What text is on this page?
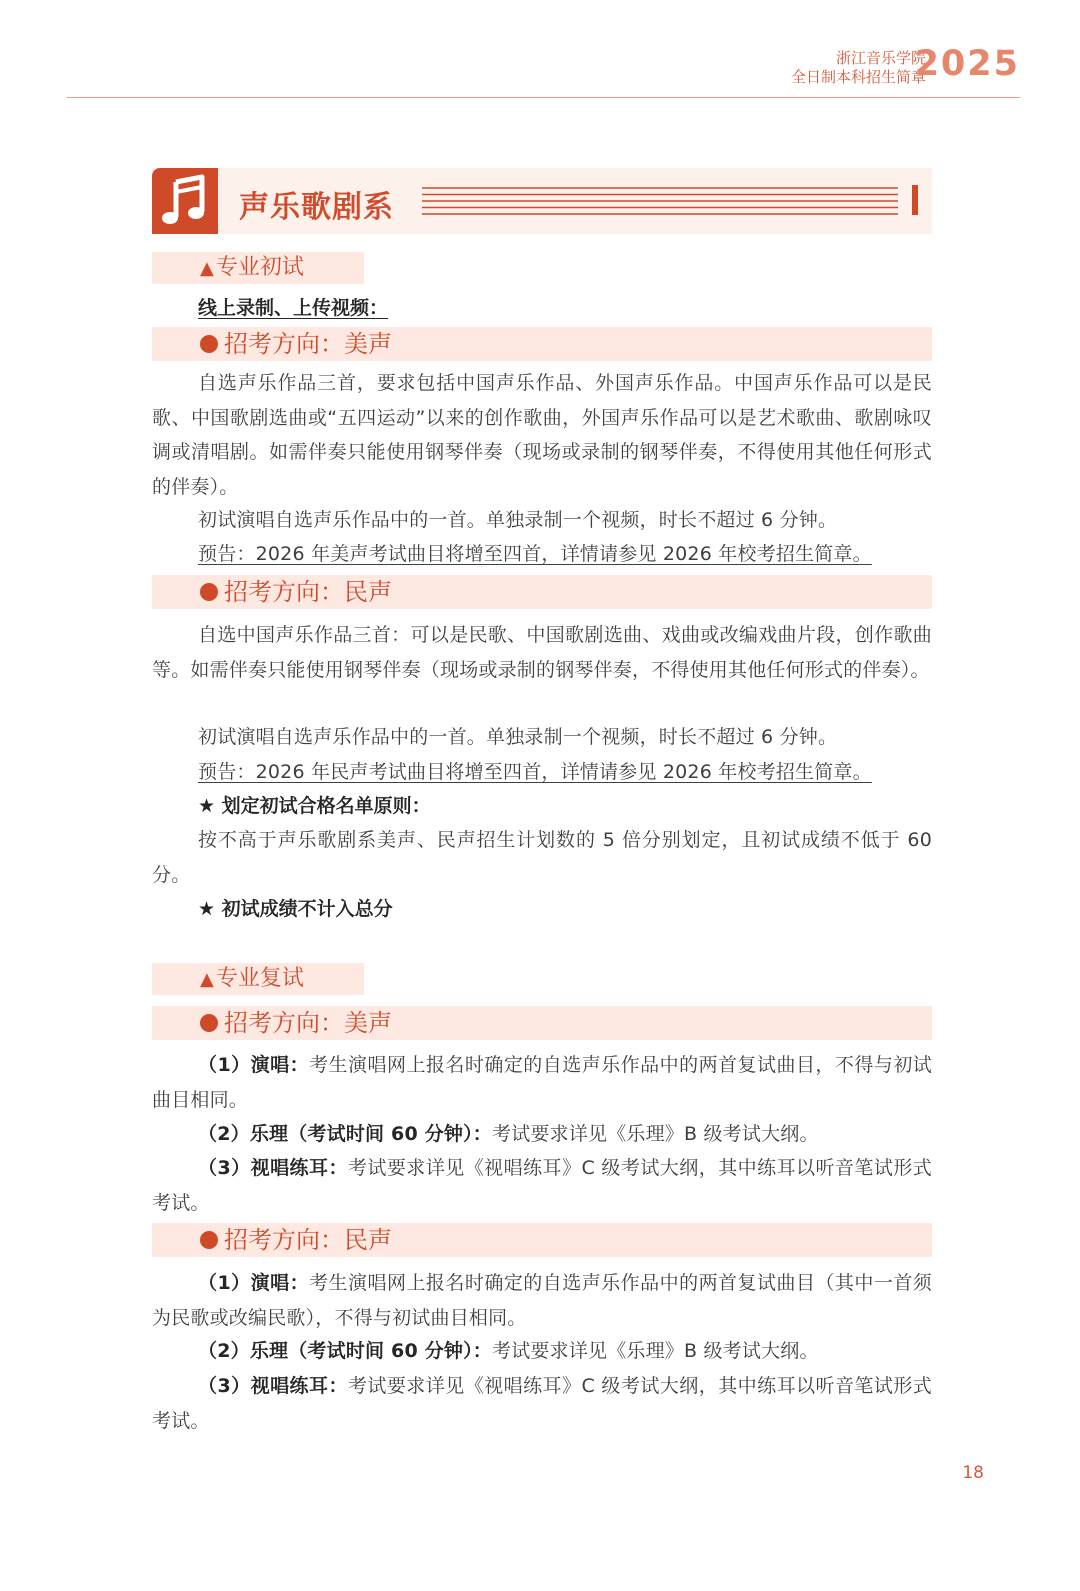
浙江音乐学院
全日制本科招生简章
2025
声乐歌剧系
▲专业初试
线上录制、上传视频：
招考方向：美声
自选声乐作品三首，要求包括中国声乐作品、外国声乐作品。中国声乐作品可以是民歌、中国歌剧选曲或“五四运动”以来的创作歌曲，外国声乐作品可以是艺术歌曲、歌剧咏叹调或清唱剧。如需伴奏只能使用钢琴伴奏（现场或录制的钢琴伴奏，不得使用其他任何形式的伴奏）。
初试演唱自选声乐作品中的一首。单独录制一个视频，时长不超过 6 分钟。
预告：2026 年美声考试曲目将增至四首，详情请参见 2026 年校考招生简章。
招考方向：民声
自选中国声乐作品三首：可以是民歌、中国歌剧选曲、戏曲或改编戏曲片段，创作歌曲等。如需伴奏只能使用钢琴伴奏（现场或录制的钢琴伴奏，不得使用其他任何形式的伴奏）。
初试演唱自选声乐作品中的一首。单独录制一个视频，时长不超过 6 分钟。
预告：2026 年民声考试曲目将增至四首，详情请参见 2026 年校考招生简章。
★ 划定初试合格名单原则：
按不高于声乐歌剧系美声、民声招生计划数的 5 倍分别划定，且初试成绩不低于 60 分。
★ 初试成绩不计入总分
▲专业复试
招考方向：美声
（1）演唱：考生演唱网上报名时确定的自选声乐作品中的两首复试曲目，不得与初试曲目相同。
（2）乐理（考试时间 60 分钟）：考试要求详见《乐理》B 级考试大纲。
（3）视唱练耳：考试要求详见《视唱练耳》C 级考试大纲，其中练耳以听音笔试形式考试。
招考方向：民声
（1）演唱：考生演唱网上报名时确定的自选声乐作品中的两首复试曲目（其中一首须为民歌或改编民歌），不得与初试曲目相同。
（2）乐理（考试时间 60 分钟）：考试要求详见《乐理》B 级考试大纲。
（3）视唱练耳：考试要求详见《视唱练耳》C 级考试大纲，其中练耳以听音笔试形式考试。
18
